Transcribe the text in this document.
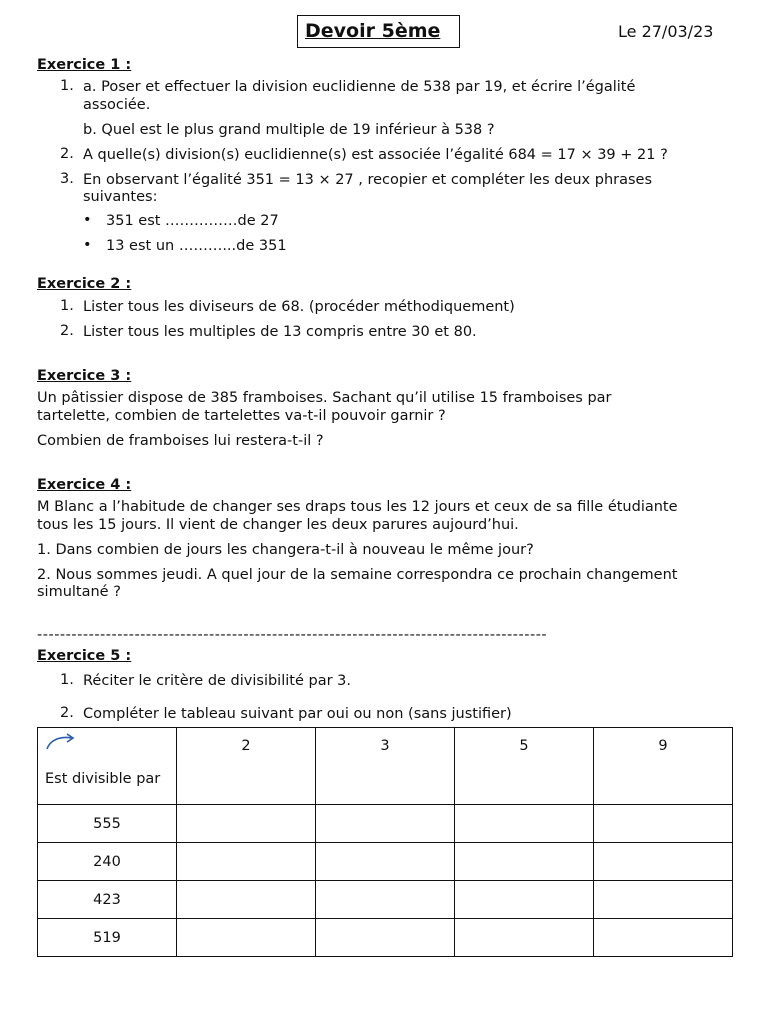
Devoir 5ème	Le 27/03/23
Exercice 1 :
1. a. Poser et effectuer la division euclidienne de 538 par 19, et écrire l’égalité
associée.
b. Quel est le plus grand multiple de 19 inférieur à 538 ?
2. A quelle(s) division(s) euclidienne(s) est associée l’égalité 684 = 17 × 39 + 21 ?
3. En observant l’égalité 351 = 13 × 27 , recopier et compléter les deux phrases
suivantes:
• 351 est ……………de 27
• 13 est un ………...de 351
Exercice 2 :
1. Lister tous les diviseurs de 68. (procéder méthodiquement)
2. Lister tous les multiples de 13 compris entre 30 et 80.
Exercice 3 :
Un pâtissier dispose de 385 framboises. Sachant qu’il utilise 15 framboises par
tartelette, combien de tartelettes va-t-il pouvoir garnir ?
Combien de framboises lui restera-t-il ?
Exercice 4 :
M Blanc a l’habitude de changer ses draps tous les 12 jours et ceux de sa fille étudiante
tous les 15 jours. Il vient de changer les deux parures aujourd’hui.
1. Dans combien de jours les changera-t-il à nouveau le même jour?
2. Nous sommes jeudi. A quel jour de la semaine correspondra ce prochain changement
simultané ?
-----------------------------------------------------------------------------------------
Exercice 5 :
1. Réciter le critère de divisibilité par 3.
2. Compléter le tableau suivant par oui ou non (sans justifier)
Est divisible par	2	3	5	9

555				
240				
423				
519				
